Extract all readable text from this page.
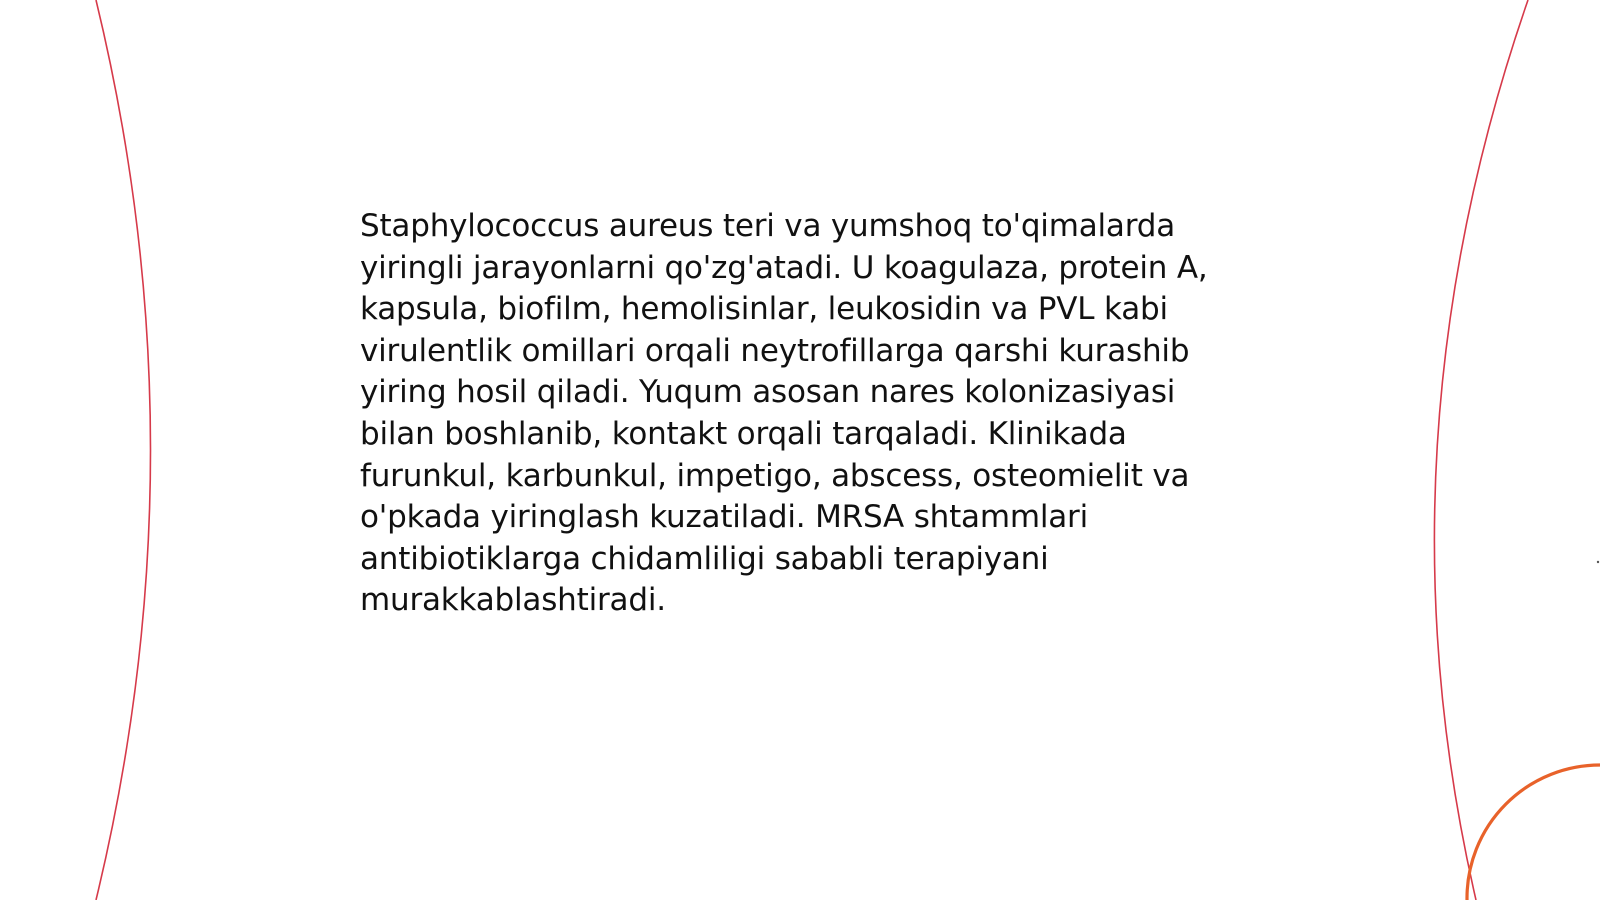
Staphylococcus aureus teri va yumshoq to'qimalarda yiringli jarayonlarni qo'zg'atadi. U koagulaza, protein A, kapsula, biofilm, hemolisinlar, leukosidin va PVL kabi virulentlik omillari orqali neytrofillarga qarshi kurashib yiring hosil qiladi. Yuqum asosan nares kolonizasiyasi bilan boshlanib, kontakt orqali tarqaladi. Klinikada furunkul, karbunkul, impetigo, abscess, osteomielit va o'pkada yiringlash kuzatiladi. MRSA shtammlari antibiotiklarga chidamliligi sababli terapiyani murakkablashtiradi.
